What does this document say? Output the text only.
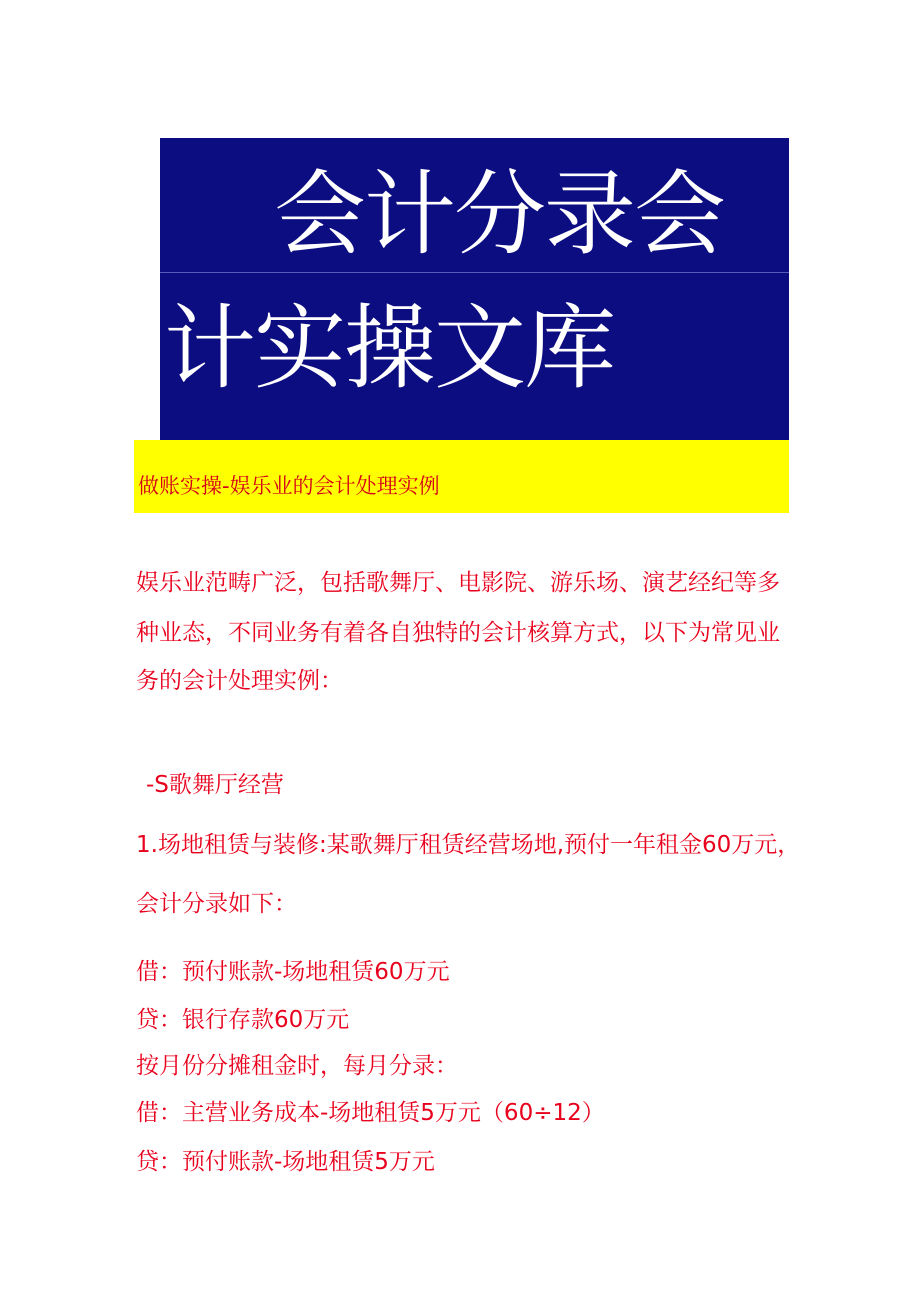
会计分录会
计实操文库
做账实操-娱乐业的会计处理实例
娱乐业范畴广泛，包括歌舞厅、电影院、游乐场、演艺经纪等多
种业态，不同业务有着各自独特的会计核算方式，以下为常见业
务的会计处理实例：
-S歌舞厅经营
1.场地租赁与装修:某歌舞厅租赁经营场地,预付一年租金60万元，
会计分录如下：
借：预付账款-场地租赁60万元
贷：银行存款60万元
按月份分摊租金时，每月分录：
借：主营业务成本-场地租赁5万元（60÷12）
贷：预付账款-场地租赁5万元
